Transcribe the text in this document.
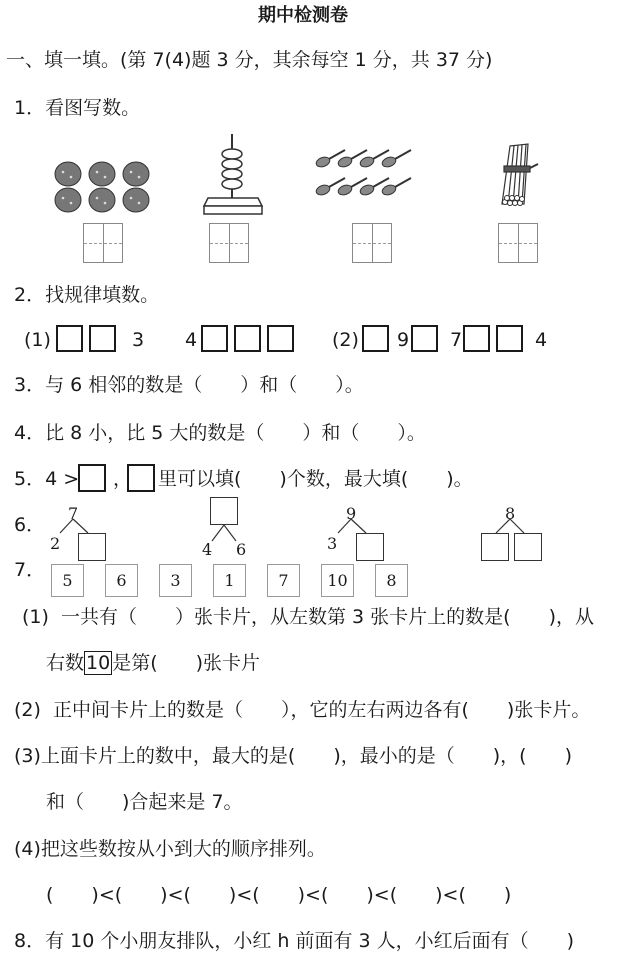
期中检测卷
一、填一填。(第 7(4)题 3 分，其余每空 1 分，共 37 分)
1．看图写数。
2．找规律填数。
(1)	3 4	(2) 9 7	4
3．与 6 相邻的数是（　　）和（　　）。
4．比 8 小，比 5 大的数是（　　）和（　　）。
5．4 > ， 里可以填(　　)个数，最大填(　　)。
6．
7
2	4 6
9
3
8
7．	5	6	3	1	7	10	8
(1)  一共有（　　）张卡片，从左数第 3 张卡片上的数是(　　)，从
右数 10 是第(　　)张卡片
(2)  正中间卡片上的数是（　　），它的左右两边各有(　　)张卡片。
(3)上面卡片上的数中，最大的是(　　)，最小的是（　　)，(　　)
和（　　)合起来是 7。
(4)把这些数按从小到大的顺序排列。
(　　)<(　　)<(　　)<(　　)<(　　)<(　　)<(　　)
8．有 10 个小朋友排队，小红 h 前面有 3 人，小红后面有（　　)
